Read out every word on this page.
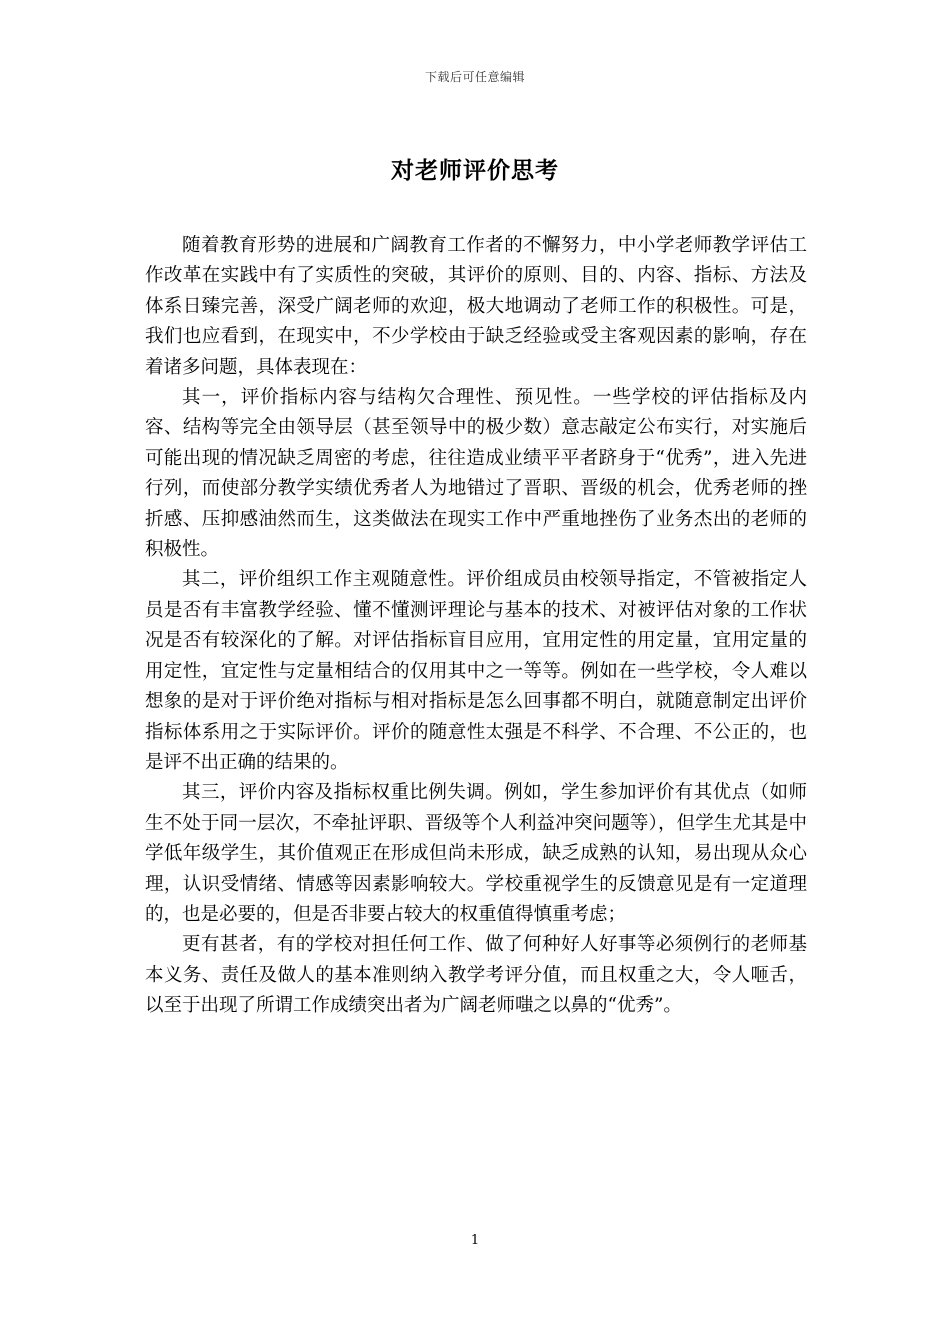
下载后可任意编辑
对老师评价思考

随着教育形势的进展和广阔教育工作者的不懈努力，中小学老师教学评估工作改革在实践中有了实质性的突破，其评价的原则、目的、内容、指标、方法及体系日臻完善，深受广阔老师的欢迎，极大地调动了老师工作的积极性。可是，我们也应看到，在现实中，不少学校由于缺乏经验或受主客观因素的影响，存在着诸多问题，具体表现在：

其一，评价指标内容与结构欠合理性、预见性。一些学校的评估指标及内容、结构等完全由领导层（甚至领导中的极少数）意志敲定公布实行，对实施后可能出现的情况缺乏周密的考虑，往往造成业绩平平者跻身于“优秀”，进入先进行列，而使部分教学实绩优秀者人为地错过了晋职、晋级的机会，优秀老师的挫折感、压抑感油然而生，这类做法在现实工作中严重地挫伤了业务杰出的老师的积极性。

其二，评价组织工作主观随意性。评价组成员由校领导指定，不管被指定人员是否有丰富教学经验、懂不懂测评理论与基本的技术、对被评估对象的工作状况是否有较深化的了解。对评估指标盲目应用，宜用定性的用定量，宜用定量的用定性，宜定性与定量相结合的仅用其中之一等等。例如在一些学校，令人难以想象的是对于评价绝对指标与相对指标是怎么回事都不明白，就随意制定出评价指标体系用之于实际评价。评价的随意性太强是不科学、不合理、不公正的，也是评不出正确的结果的。

其三，评价内容及指标权重比例失调。例如，学生参加评价有其优点（如师生不处于同一层次，不牵扯评职、晋级等个人利益冲突问题等），但学生尤其是中学低年级学生，其价值观正在形成但尚未形成，缺乏成熟的认知，易出现从众心理，认识受情绪、情感等因素影响较大。学校重视学生的反馈意见是有一定道理的，也是必要的，但是否非要占较大的权重值得慎重考虑；

更有甚者，有的学校对担任何工作、做了何种好人好事等必须例行的老师基本义务、责任及做人的基本准则纳入教学考评分值，而且权重之大，令人咂舌，以至于出现了所谓工作成绩突出者为广阔老师嗤之以鼻的“优秀”。

1
